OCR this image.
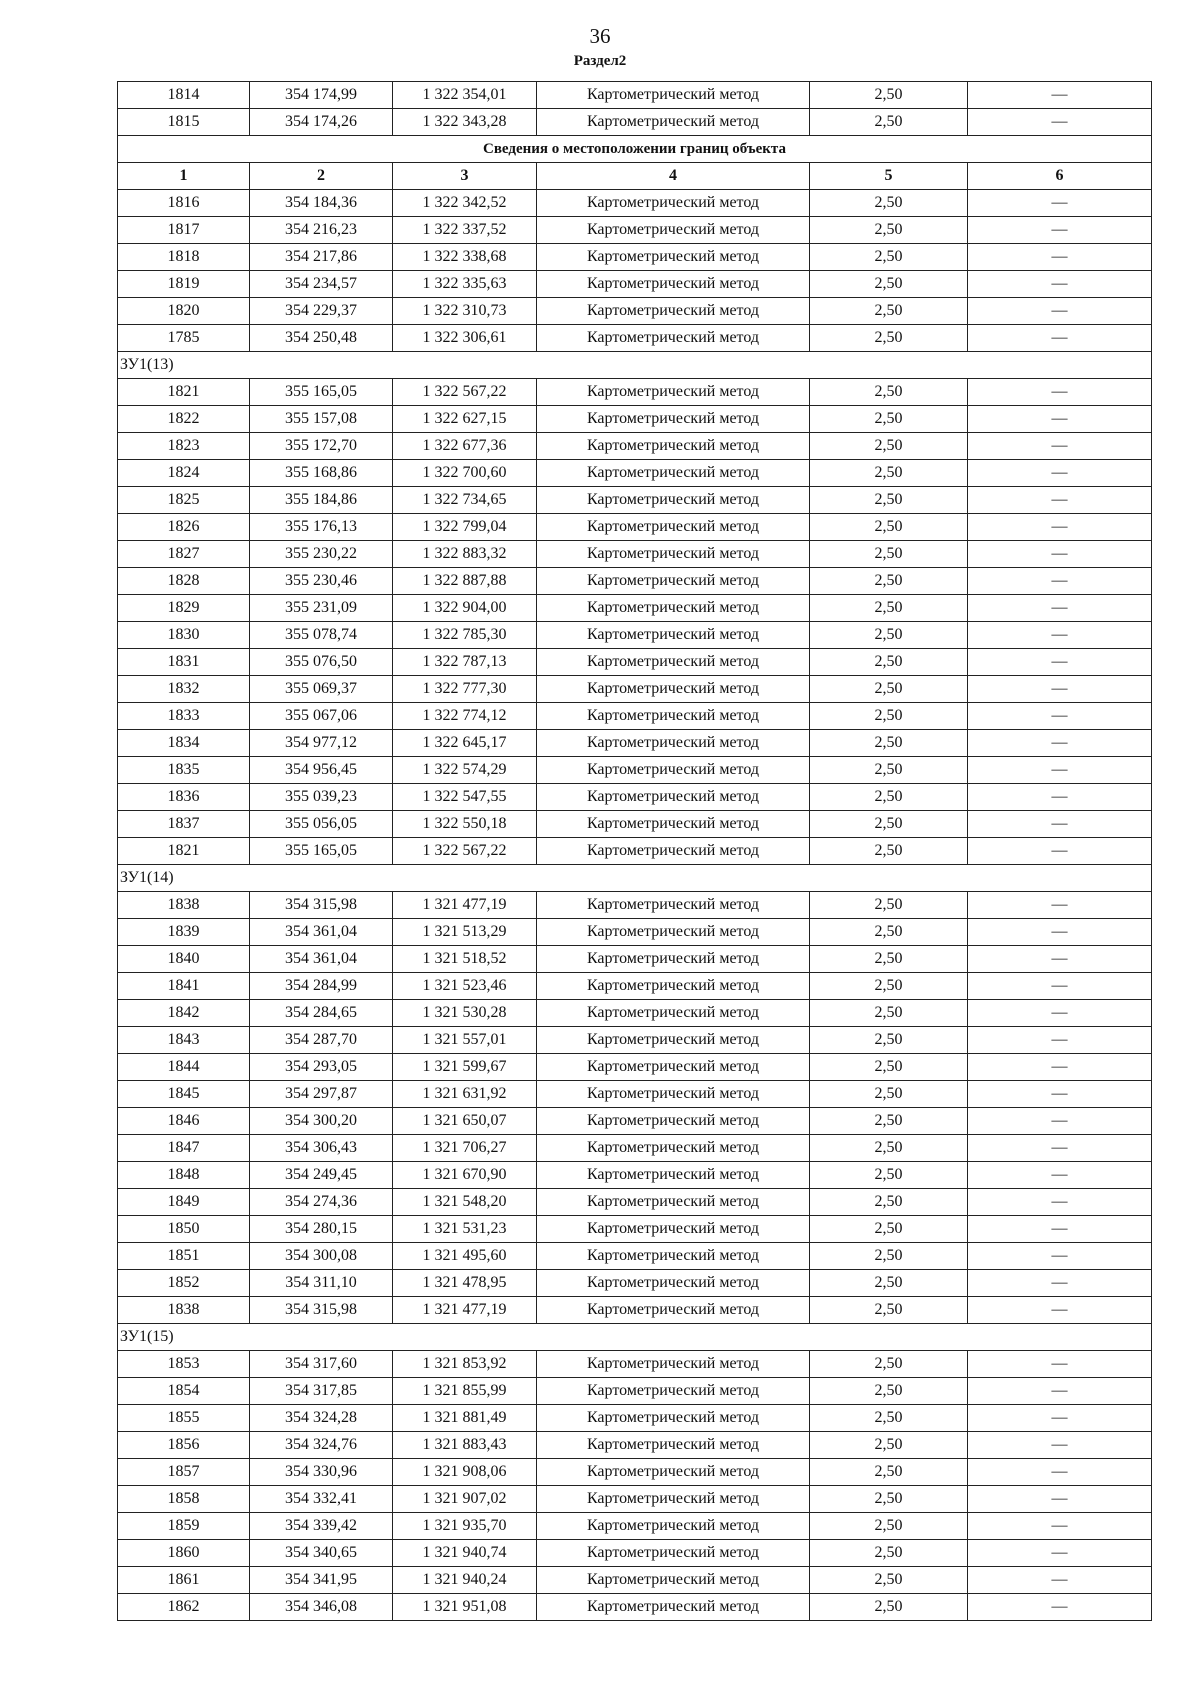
36
Раздел2
1814	354 174,99	1 322 354,01	Картометрический метод	2,50	—
1815	354 174,26	1 322 343,28	Картометрический метод	2,50	—
Сведения о местоположении границ объекта					
1	2	3	4	5	6
1816	354 184,36	1 322 342,52	Картометрический метод	2,50	—
1817	354 216,23	1 322 337,52	Картометрический метод	2,50	—
1818	354 217,86	1 322 338,68	Картометрический метод	2,50	—
1819	354 234,57	1 322 335,63	Картометрический метод	2,50	—
1820	354 229,37	1 322 310,73	Картометрический метод	2,50	—
1785	354 250,48	1 322 306,61	Картометрический метод	2,50	—
ЗУ1(13)					
1821	355 165,05	1 322 567,22	Картометрический метод	2,50	—
1822	355 157,08	1 322 627,15	Картометрический метод	2,50	—
1823	355 172,70	1 322 677,36	Картометрический метод	2,50	—
1824	355 168,86	1 322 700,60	Картометрический метод	2,50	—
1825	355 184,86	1 322 734,65	Картометрический метод	2,50	—
1826	355 176,13	1 322 799,04	Картометрический метод	2,50	—
1827	355 230,22	1 322 883,32	Картометрический метод	2,50	—
1828	355 230,46	1 322 887,88	Картометрический метод	2,50	—
1829	355 231,09	1 322 904,00	Картометрический метод	2,50	—
1830	355 078,74	1 322 785,30	Картометрический метод	2,50	—
1831	355 076,50	1 322 787,13	Картометрический метод	2,50	—
1832	355 069,37	1 322 777,30	Картометрический метод	2,50	—
1833	355 067,06	1 322 774,12	Картометрический метод	2,50	—
1834	354 977,12	1 322 645,17	Картометрический метод	2,50	—
1835	354 956,45	1 322 574,29	Картометрический метод	2,50	—
1836	355 039,23	1 322 547,55	Картометрический метод	2,50	—
1837	355 056,05	1 322 550,18	Картометрический метод	2,50	—
1821	355 165,05	1 322 567,22	Картометрический метод	2,50	—
ЗУ1(14)					
1838	354 315,98	1 321 477,19	Картометрический метод	2,50	—
1839	354 361,04	1 321 513,29	Картометрический метод	2,50	—
1840	354 361,04	1 321 518,52	Картометрический метод	2,50	—
1841	354 284,99	1 321 523,46	Картометрический метод	2,50	—
1842	354 284,65	1 321 530,28	Картометрический метод	2,50	—
1843	354 287,70	1 321 557,01	Картометрический метод	2,50	—
1844	354 293,05	1 321 599,67	Картометрический метод	2,50	—
1845	354 297,87	1 321 631,92	Картометрический метод	2,50	—
1846	354 300,20	1 321 650,07	Картометрический метод	2,50	—
1847	354 306,43	1 321 706,27	Картометрический метод	2,50	—
1848	354 249,45	1 321 670,90	Картометрический метод	2,50	—
1849	354 274,36	1 321 548,20	Картометрический метод	2,50	—
1850	354 280,15	1 321 531,23	Картометрический метод	2,50	—
1851	354 300,08	1 321 495,60	Картометрический метод	2,50	—
1852	354 311,10	1 321 478,95	Картометрический метод	2,50	—
1838	354 315,98	1 321 477,19	Картометрический метод	2,50	—
ЗУ1(15)					
1853	354 317,60	1 321 853,92	Картометрический метод	2,50	—
1854	354 317,85	1 321 855,99	Картометрический метод	2,50	—
1855	354 324,28	1 321 881,49	Картометрический метод	2,50	—
1856	354 324,76	1 321 883,43	Картометрический метод	2,50	—
1857	354 330,96	1 321 908,06	Картометрический метод	2,50	—
1858	354 332,41	1 321 907,02	Картометрический метод	2,50	—
1859	354 339,42	1 321 935,70	Картометрический метод	2,50	—
1860	354 340,65	1 321 940,74	Картометрический метод	2,50	—
1861	354 341,95	1 321 940,24	Картометрический метод	2,50	—
1862	354 346,08	1 321 951,08	Картометрический метод	2,50	—
